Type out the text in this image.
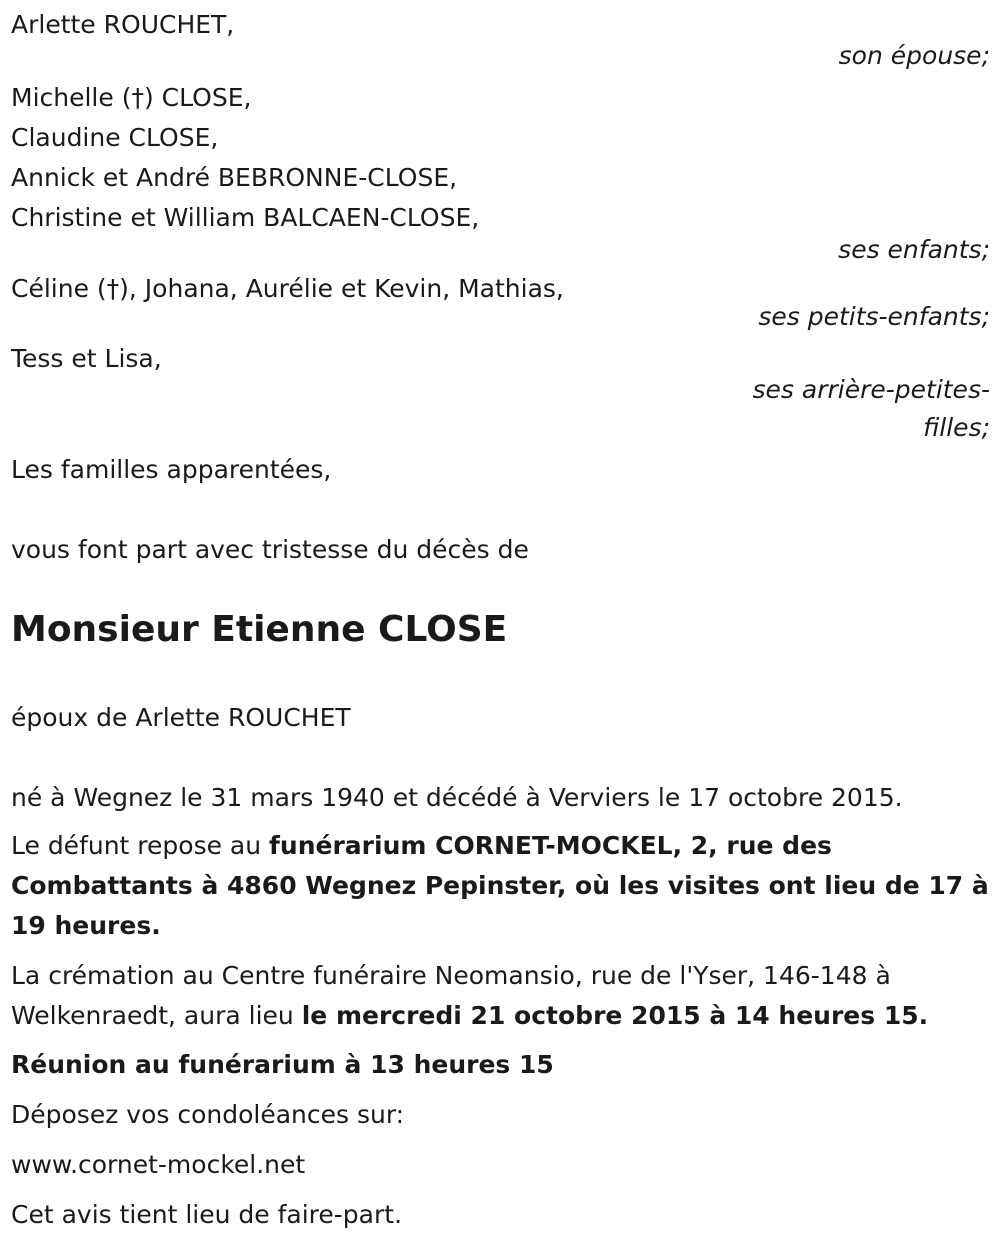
Arlette ROUCHET,

son épouse;

Michelle (†) CLOSE,

Claudine CLOSE,

Annick et André BEBRONNE-CLOSE,

Christine et William BALCAEN-CLOSE,

ses enfants;

Céline (†), Johana, Aurélie et Kevin, Mathias,

ses petits-enfants;

Tess et Lisa,

ses arrière-petites-

filles;

Les familles apparentées,

vous font part avec tristesse du décès de

Monsieur Etienne CLOSE

époux de Arlette ROUCHET

né à Wegnez le 31 mars 1940 et décédé à Verviers le 17 octobre 2015.

Le défunt repose au funérarium CORNET-MOCKEL, 2, rue des Combattants à 4860 Wegnez Pepinster, où les visites ont lieu de 17 à 19 heures.

La crémation au Centre funéraire Neomansio, rue de l'Yser, 146-148 à Welkenraedt, aura lieu le mercredi 21 octobre 2015 à 14 heures 15.

Réunion au funérarium à 13 heures 15

Déposez vos condoléances sur:

www.cornet-mockel.net

Cet avis tient lieu de faire-part.
